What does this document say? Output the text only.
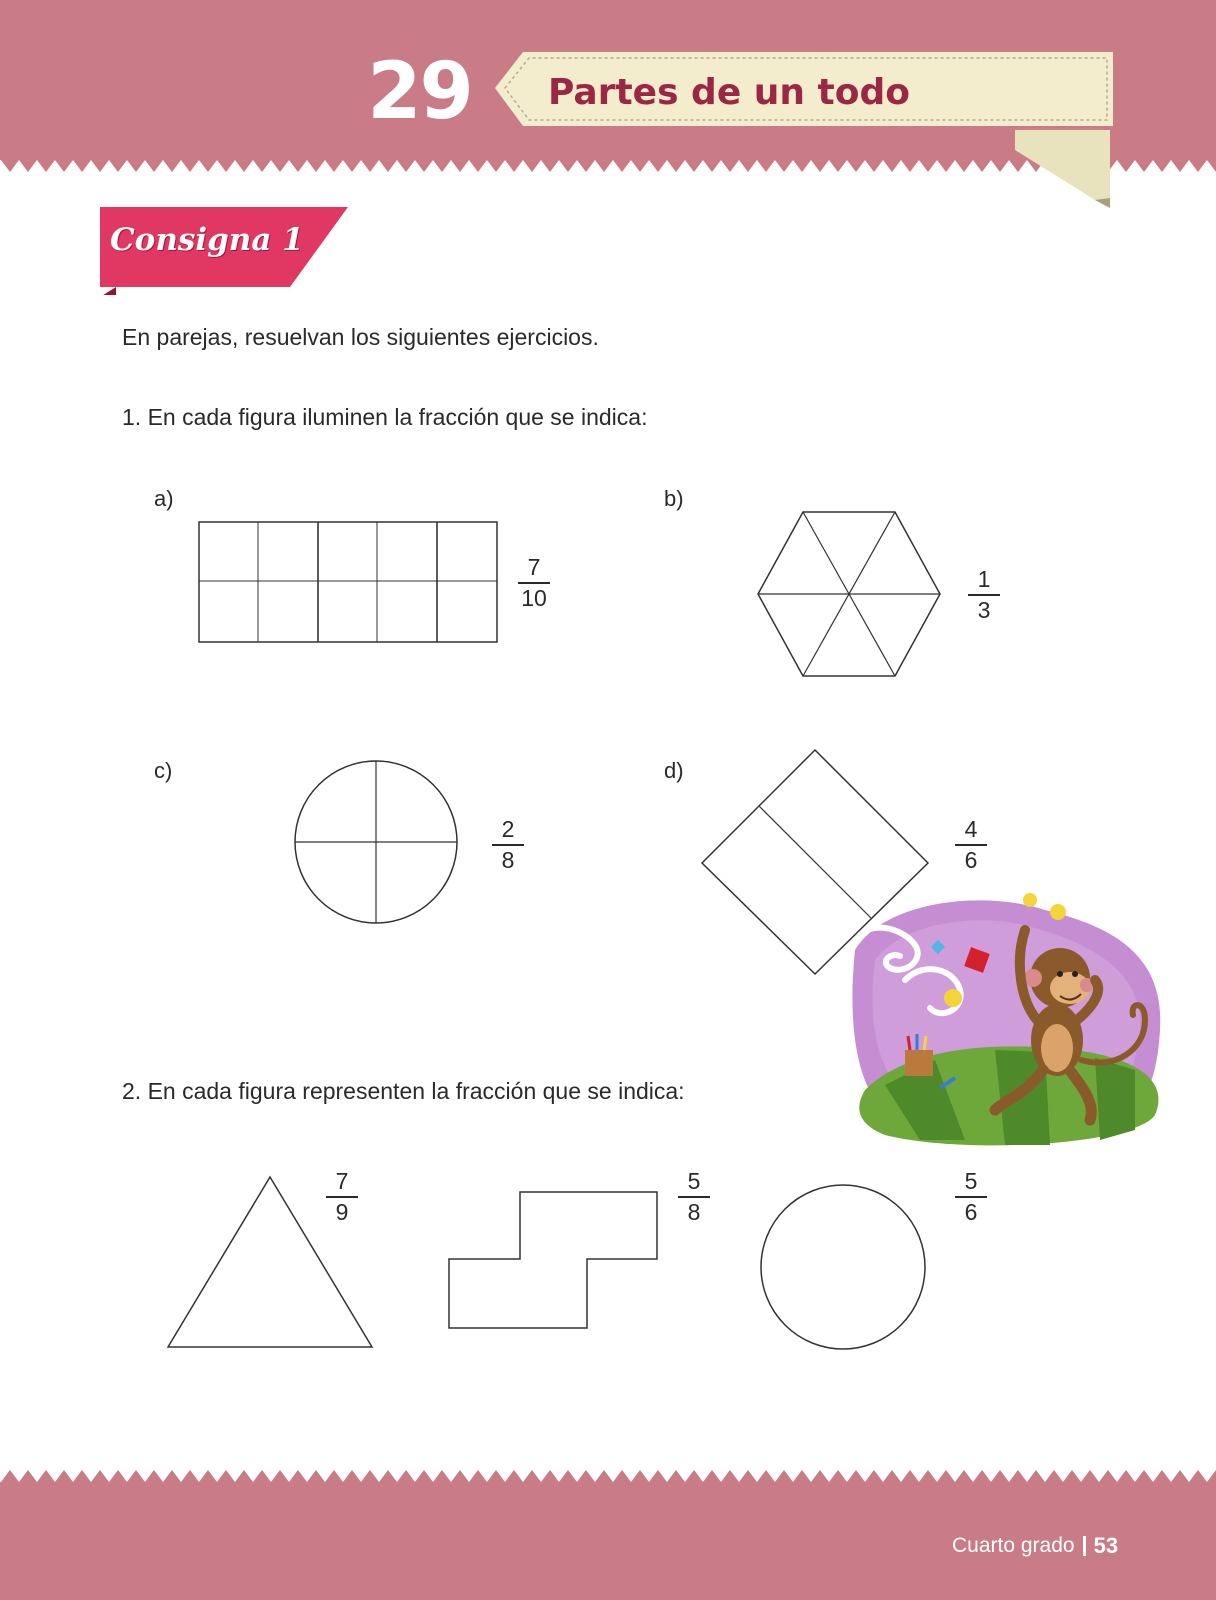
29 Partes de un todo
Consigna 1
En parejas, resuelvan los siguientes ejercicios.
1. En cada figura iluminen la fracción que se indica:
a)
7
10
b)
1
3
c)
2
8
d)
4
6
2. En cada figura representen la fracción que se indica:
7
9
5
8
5
6
Cuarto grado 53
